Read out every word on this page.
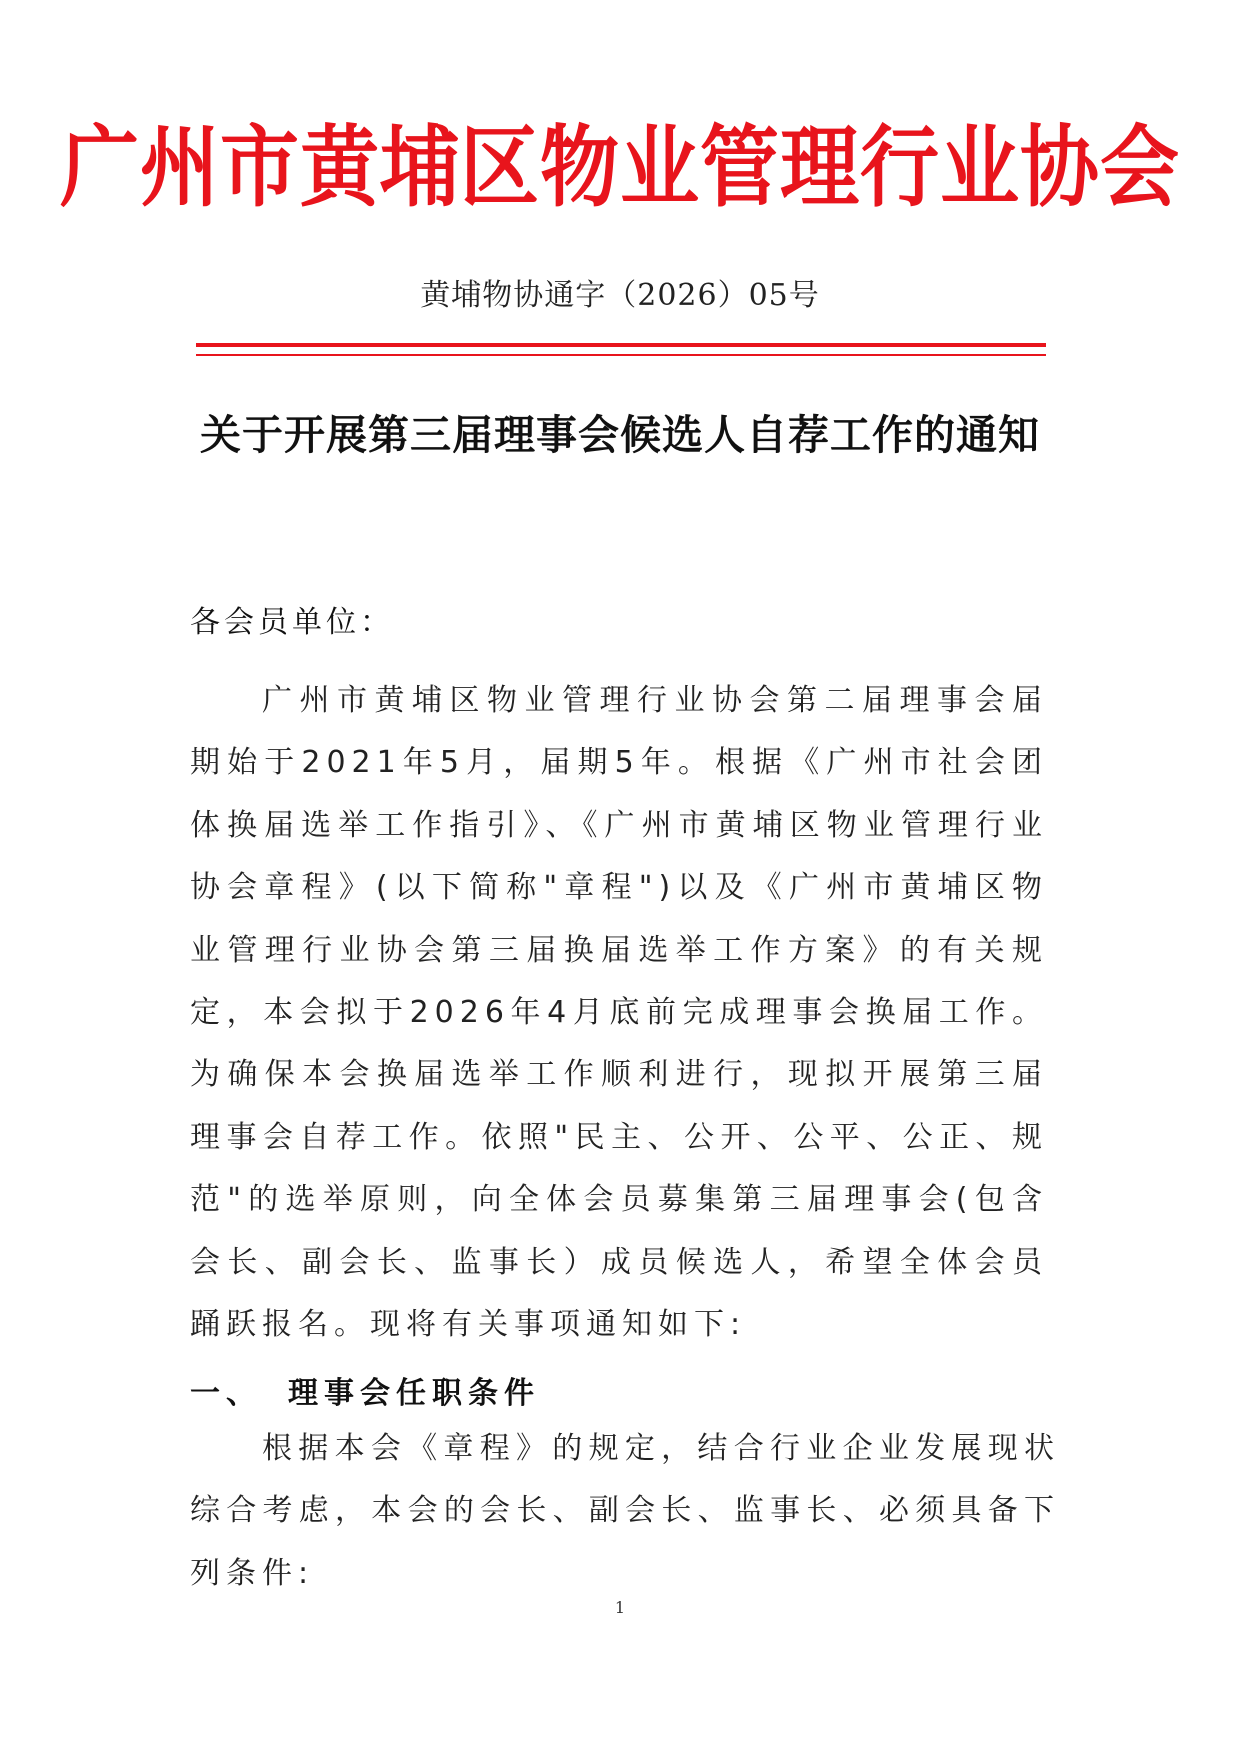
广州市黄埔区物业管理行业协会
黄埔物协通字（2026）05号
关于开展第三届理事会候选人自荐工作的通知
各会员单位：
广州市黄埔区物业管理行业协会第二届理事会届期始于2021年5月，届期5年。根据《广州市社会团体换届选举工作指引》、《广州市黄埔区物业管理行业协会章程》(以下简称"章程")以及《广州市黄埔区物业管理行业协会第三届换届选举工作方案》的有关规定，本会拟于2026年4月底前完成理事会换届工作。为确保本会换届选举工作顺利进行，现拟开展第三届理事会自荐工作。依照"民主、公开、公平、公正、规范"的选举原则，向全体会员募集第三届理事会(包含会长、副会长、监事长）成员候选人，希望全体会员踊跃报名。现将有关事项通知如下:
一、 理事会任职条件
根据本会《章程》的规定，结合行业企业发展现状综合考虑，本会的会长、副会长、监事长、必须具备下列条件:
1
